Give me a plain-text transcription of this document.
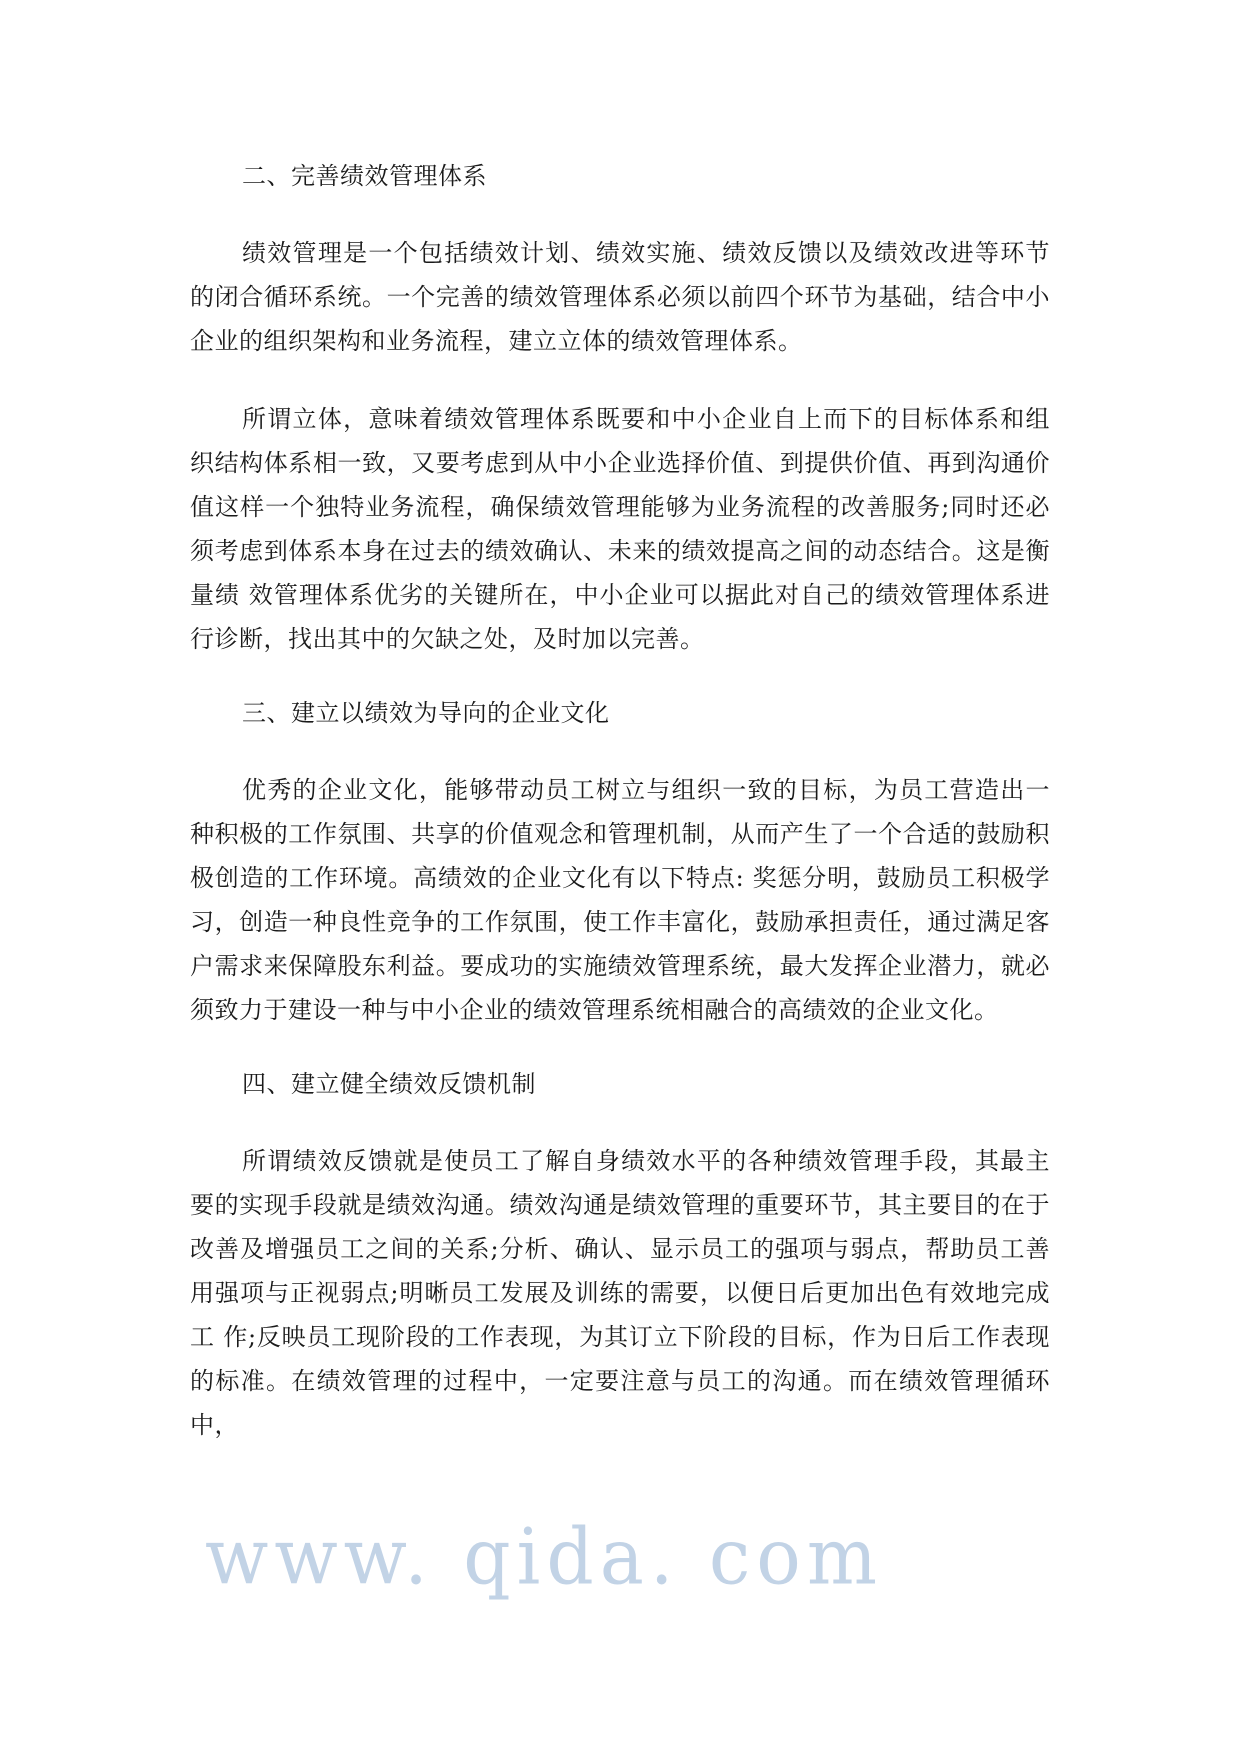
二、完善绩效管理体系

绩效管理是一个包括绩效计划、绩效实施、绩效反馈以及绩效改进等环节的闭合循环系统。一个完善的绩效管理体系必须以前四个环节为基础，结合中小企业的组织架构和业务流程，建立立体的绩效管理体系。

所谓立体，意味着绩效管理体系既要和中小企业自上而下的目标体系和组织结构体系相一致，又要考虑到从中小企业选择价值、到提供价值、再到沟通价值这样一个独特业务流程，确保绩效管理能够为业务流程的改善服务;同时还必须考虑到体系本身在过去的绩效确认、未来的绩效提高之间的动态结合。这是衡量绩 效管理体系优劣的关键所在，中小企业可以据此对自己的绩效管理体系进行诊断，找出其中的欠缺之处，及时加以完善。

三、建立以绩效为导向的企业文化

优秀的企业文化，能够带动员工树立与组织一致的目标，为员工营造出一种积极的工作氛围、共享的价值观念和管理机制，从而产生了一个合适的鼓励积极创造的工作环境。高绩效的企业文化有以下特点: 奖惩分明，鼓励员工积极学习，创造一种良性竞争的工作氛围，使工作丰富化，鼓励承担责任，通过满足客户需求来保障股东利益。要成功的实施绩效管理系统，最大发挥企业潜力，就必须致力于建设一种与中小企业的绩效管理系统相融合的高绩效的企业文化。

四、建立健全绩效反馈机制

所谓绩效反馈就是使员工了解自身绩效水平的各种绩效管理手段，其最主要的实现手段就是绩效沟通。绩效沟通是绩效管理的重要环节，其主要目的在于改善及增强员工之间的关系;分析、确认、显示员工的强项与弱点，帮助员工善用强项与正视弱点;明晰员工发展及训练的需要，以便日后更加出色有效地完成工 作;反映员工现阶段的工作表现，为其订立下阶段的目标，作为日后工作表现的标准。在绩效管理的过程中，一定要注意与员工的沟通。而在绩效管理循环中，

www. qida. com
